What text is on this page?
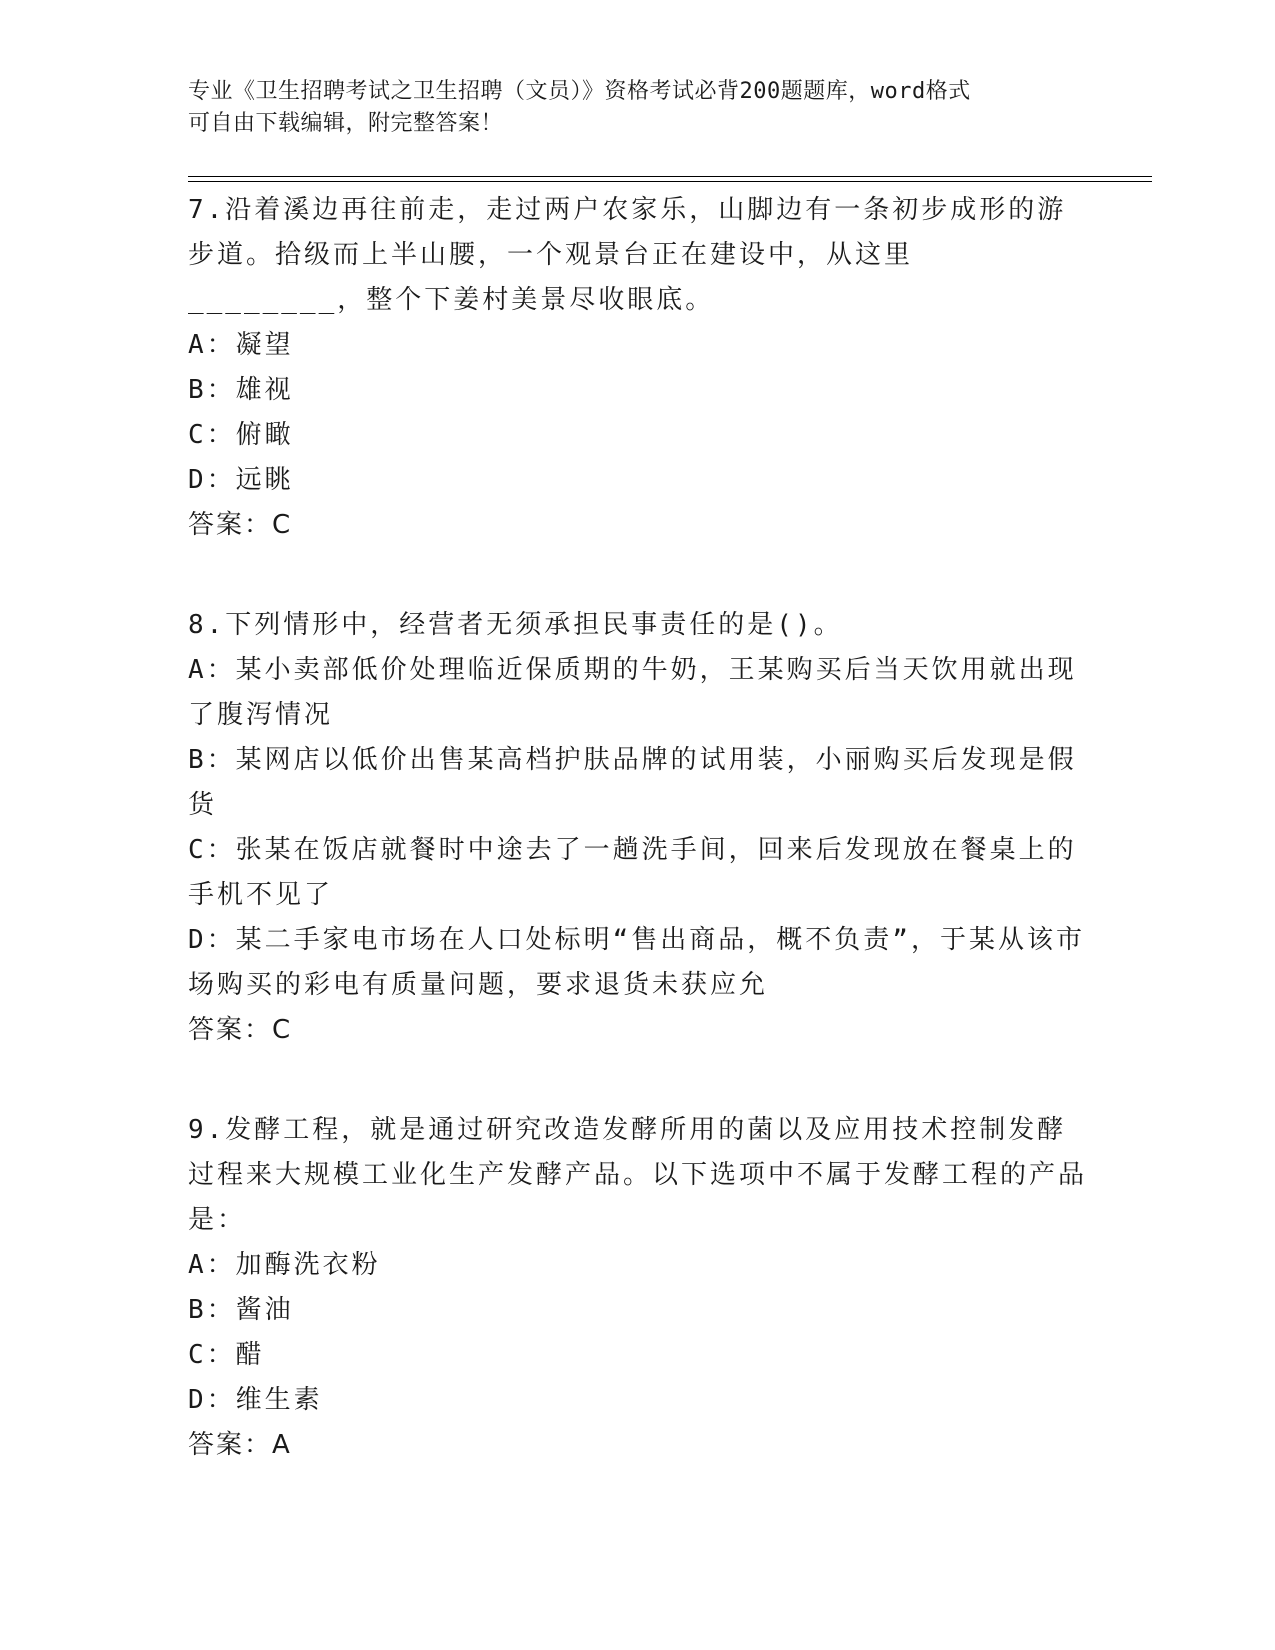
专业《卫生招聘考试之卫生招聘（文员）》资格考试必背200题题库，word格式
可自由下载编辑，附完整答案！

7.沿着溪边再往前走，走过两户农家乐，山脚边有一条初步成形的游步道。拾级而上半山腰，一个观景台正在建设中，从这里________，整个下姜村美景尽收眼底。

A：凝望

B：雄视

C：俯瞰

D：远眺

答案：C

8.下列情形中，经营者无须承担民事责任的是()。

A：某小卖部低价处理临近保质期的牛奶，王某购买后当天饮用就出现了腹泻情况

B：某网店以低价出售某高档护肤品牌的试用装，小丽购买后发现是假货

C：张某在饭店就餐时中途去了一趟洗手间，回来后发现放在餐桌上的手机不见了

D：某二手家电市场在人口处标明“售出商品，概不负责”，于某从该市场购买的彩电有质量问题，要求退货未获应允

答案：C

9.发酵工程，就是通过研究改造发酵所用的菌以及应用技术控制发酵过程来大规模工业化生产发酵产品。以下选项中不属于发酵工程的产品是：

A：加酶洗衣粉

B：酱油

C：醋

D：维生素

答案：A
